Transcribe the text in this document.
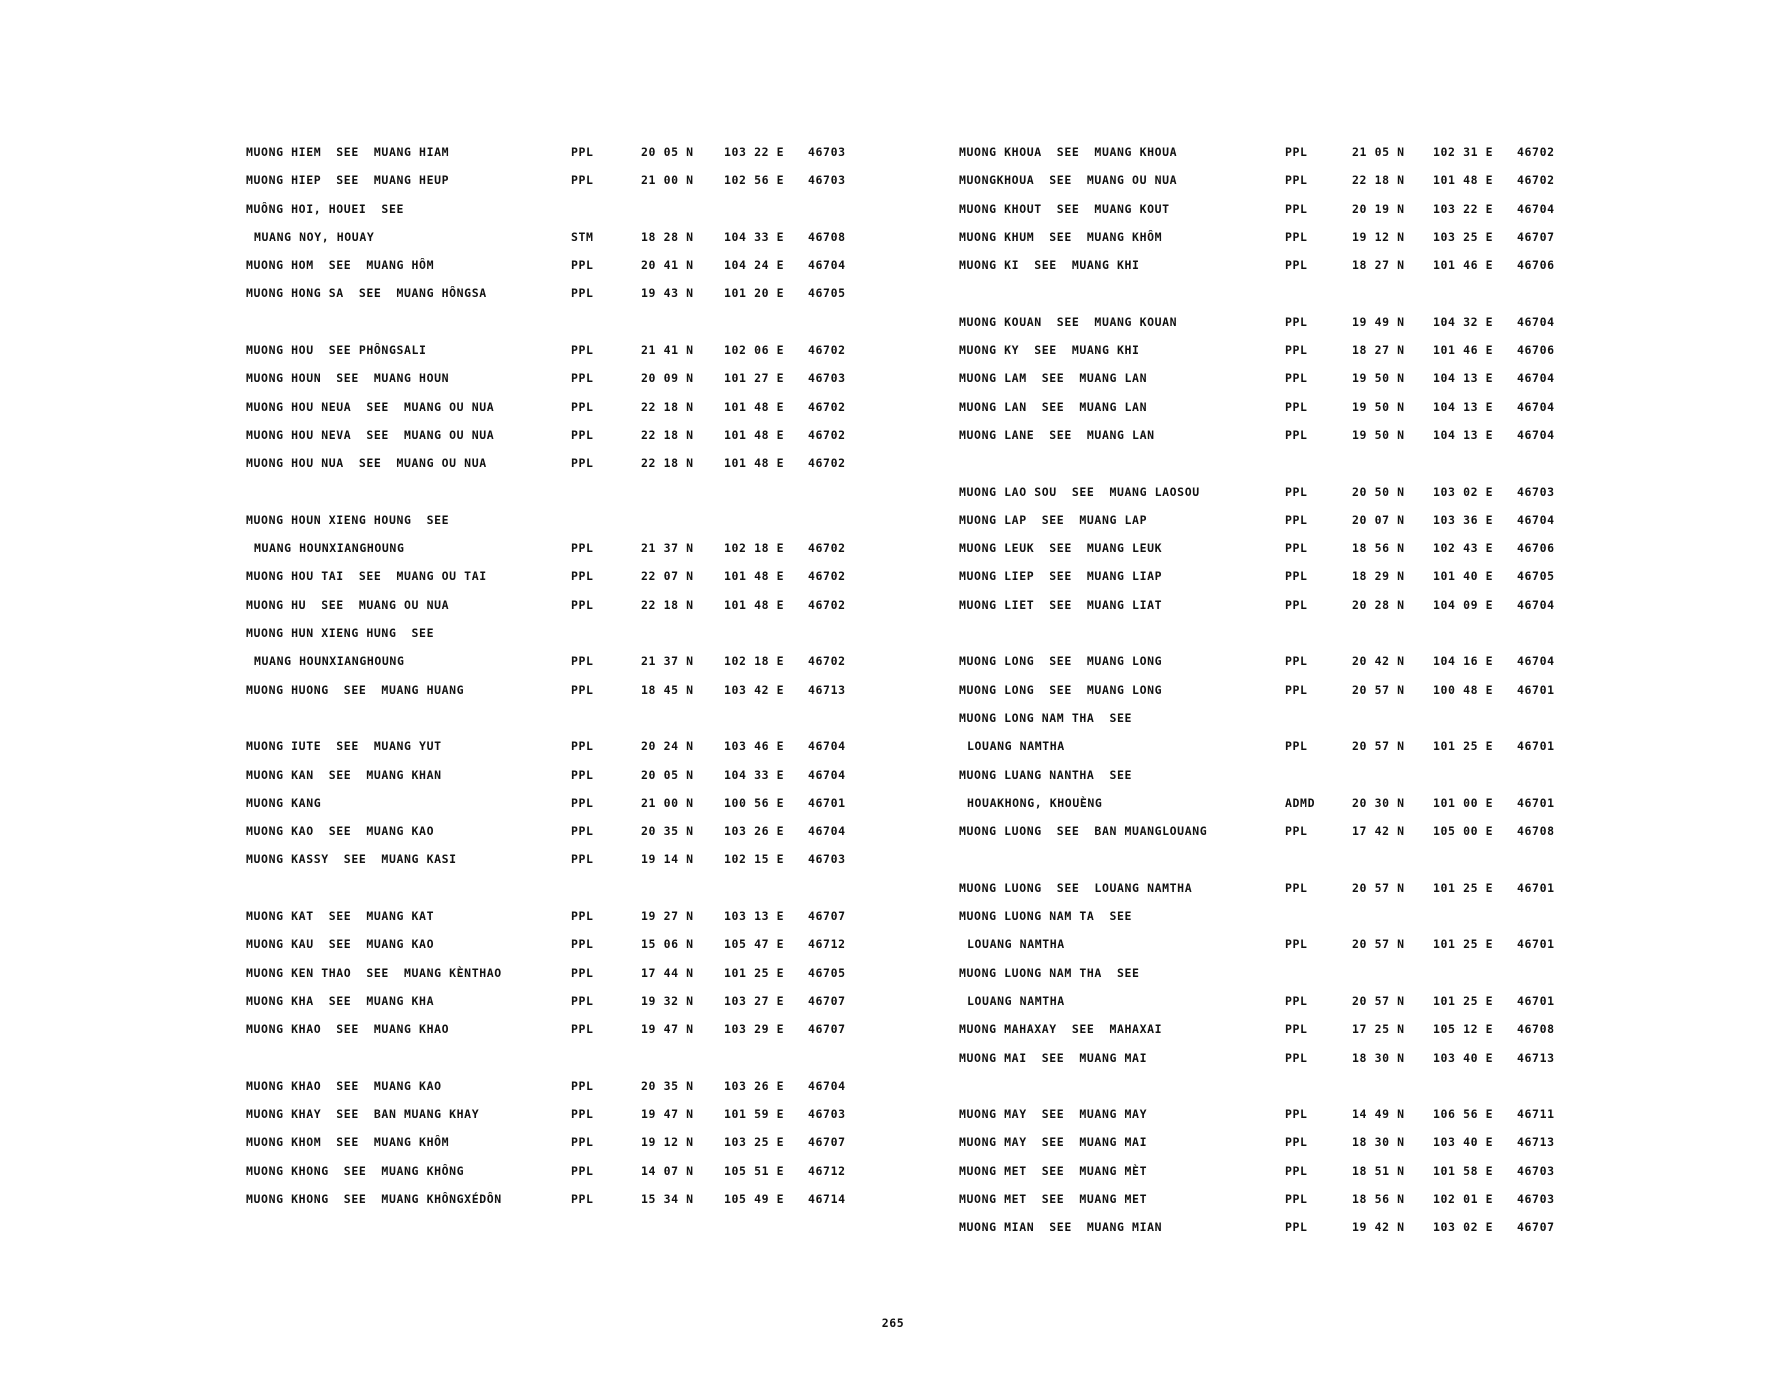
MUONG HIEM  SEE  MUANG HIAM	PPL	20 05 N	103 22 E 46703
MUONG HIEP  SEE  MUANG HEUP	PPL	21 00 N	102 56 E 46703
MUÔNG HOI, HOUEI  SEE
MUANG NOY, HOUAY	STM	18 28 N	104 33 E 46708
MUONG HOM  SEE  MUANG HÔM	PPL	20 41 N	104 24 E 46704
MUONG HONG SA  SEE  MUANG HÔNGSA	PPL	19 43 N	101 20 E 46705
MUONG HOU  SEE PHÔNGSALI	PPL	21 41 N	102 06 E 46702
MUONG HOUN  SEE  MUANG HOUN	PPL	20 09 N	101 27 E 46703
MUONG HOU NEUA  SEE  MUANG OU NUA	PPL	22 18 N	101 48 E 46702
MUONG HOU NEVA  SEE  MUANG OU NUA	PPL	22 18 N	101 48 E 46702
MUONG HOU NUA  SEE  MUANG OU NUA	PPL	22 18 N	101 48 E 46702
MUONG HOUN XIENG HOUNG  SEE
MUANG HOUNXIANGHOUNG	PPL	21 37 N	102 18 E 46702
MUONG HOU TAI  SEE  MUANG OU TAI	PPL	22 07 N	101 48 E 46702
MUONG HU  SEE  MUANG OU NUA	PPL	22 18 N	101 48 E 46702
MUONG HUN XIENG HUNG  SEE
MUANG HOUNXIANGHOUNG	PPL	21 37 N	102 18 E 46702
MUONG HUONG  SEE  MUANG HUANG	PPL	18 45 N	103 42 E 46713
MUONG IUTE  SEE  MUANG YUT	PPL	20 24 N	103 46 E 46704
MUONG KAN  SEE  MUANG KHAN	PPL	20 05 N	104 33 E 46704
MUONG KANG	PPL	21 00 N	100 56 E 46701
MUONG KAO  SEE  MUANG KAO	PPL	20 35 N	103 26 E 46704
MUONG KASSY  SEE  MUANG KASI	PPL	19 14 N	102 15 E 46703
MUONG KAT  SEE  MUANG KAT	PPL	19 27 N	103 13 E 46707
MUONG KAU  SEE  MUANG KAO	PPL	15 06 N	105 47 E 46712
MUONG KEN THAO  SEE  MUANG KÈNTHAO	PPL	17 44 N	101 25 E 46705
MUONG KHA  SEE  MUANG KHA	PPL	19 32 N	103 27 E 46707
MUONG KHAO  SEE  MUANG KHAO	PPL	19 47 N	103 29 E 46707
MUONG KHAO  SEE  MUANG KAO	PPL	20 35 N	103 26 E 46704
MUONG KHAY  SEE  BAN MUANG KHAY	PPL	19 47 N	101 59 E 46703
MUONG KHOM  SEE  MUANG KHÔM	PPL	19 12 N	103 25 E 46707
MUONG KHONG  SEE  MUANG KHÔNG	PPL	14 07 N	105 51 E 46712
MUONG KHONG  SEE  MUANG KHÔNGXÉDÔN	PPL	15 34 N	105 49 E 46714
MUONG KHOUA  SEE  MUANG KHOUA	PPL	21 05 N 102 31 E 46702
MUONGKHOUA  SEE  MUANG OU NUA	PPL	22 18 N 101 48 E 46702
MUONG KHOUT  SEE  MUANG KOUT	PPL	20 19 N 103 22 E 46704
MUONG KHUM  SEE  MUANG KHÔM	PPL	19 12 N 103 25 E 46707
MUONG KI  SEE  MUANG KHI	PPL	18 27 N 101 46 E 46706
MUONG KOUAN  SEE  MUANG KOUAN	PPL	19 49 N 104 32 E 46704
MUONG KY  SEE  MUANG KHI	PPL	18 27 N 101 46 E 46706
MUONG LAM  SEE  MUANG LAN	PPL	19 50 N 104 13 E 46704
MUONG LAN  SEE  MUANG LAN	PPL	19 50 N 104 13 E 46704
MUONG LANE  SEE  MUANG LAN	PPL	19 50 N 104 13 E 46704
MUONG LAO SOU  SEE  MUANG LAOSOU	PPL	20 50 N 103 02 E 46703
MUONG LAP  SEE  MUANG LAP	PPL	20 07 N 103 36 E 46704
MUONG LEUK  SEE  MUANG LEUK	PPL	18 56 N 102 43 E 46706
MUONG LIEP  SEE  MUANG LIAP	PPL	18 29 N 101 40 E 46705
MUONG LIET  SEE  MUANG LIAT	PPL	20 28 N 104 09 E 46704
MUONG LONG  SEE  MUANG LONG	PPL	20 42 N 104 16 E 46704
MUONG LONG  SEE  MUANG LONG	PPL	20 57 N 100 48 E 46701
MUONG LONG NAM THA  SEE
LOUANG NAMTHA	PPL	20 57 N 101 25 E 46701
MUONG LUANG NANTHA  SEE
HOUAKHONG, KHOUÈNG	ADMD	20 30 N 101 00 E 46701
MUONG LUONG  SEE  BAN MUANGLOUANG	PPL	17 42 N 105 00 E 46708
MUONG LUONG  SEE  LOUANG NAMTHA	PPL	20 57 N 101 25 E 46701
MUONG LUONG NAM TA  SEE
LOUANG NAMTHA	PPL	20 57 N 101 25 E 46701
MUONG LUONG NAM THA  SEE
LOUANG NAMTHA	PPL	20 57 N 101 25 E 46701
MUONG MAHAXAY  SEE  MAHAXAI	PPL	17 25 N 105 12 E 46708
MUONG MAI  SEE  MUANG MAI	PPL	18 30 N 103 40 E 46713
MUONG MAY  SEE  MUANG MAY	PPL	14 49 N 106 56 E 46711
MUONG MAY  SEE  MUANG MAI	PPL	18 30 N 103 40 E 46713
MUONG MET  SEE  MUANG MÈT	PPL	18 51 N 101 58 E 46703
MUONG MET  SEE  MUANG MET	PPL	18 56 N 102 01 E 46703
MUONG MIAN  SEE  MUANG MIAN	PPL	19 42 N 103 02 E 46707
265
